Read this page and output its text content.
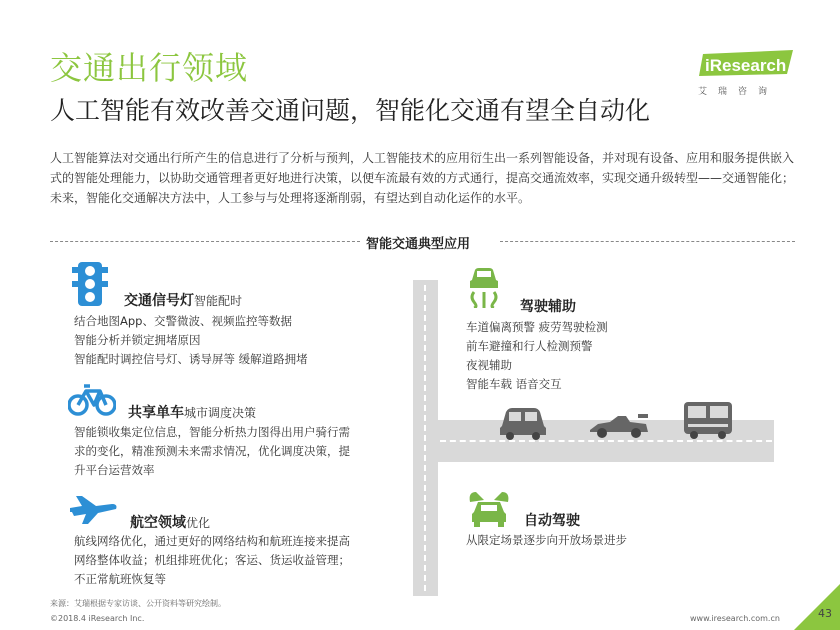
交通出行领域
人工智能有效改善交通问题，智能化交通有望全自动化
iResearch
艾瑞咨询
人工智能算法对交通出行所产生的信息进行了分析与预判，人工智能技术的应用衍生出一系列智能设备，并对现有设备、应用和服务提供嵌入式的智能处理能力，以协助交通管理者更好地进行决策，以便车流最有效的方式通行，提高交通流效率，实现交通升级转型——交通智能化；未来，智能化交通解决方法中，人工参与与处理将逐渐削弱，有望达到自动化运作的水平。
智能交通典型应用
交通信号灯智能配时
结合地图App、交警微波、视频监控等数据
智能分析并锁定拥堵原因
智能配时调控信号灯、诱导屏等 缓解道路拥堵
共享单车城市调度决策
智能锁收集定位信息，智能分析热力图得出用户骑行需
求的变化，精准预测未来需求情况，优化调度决策，提
升平台运营效率
航空领域优化
航线网络优化，通过更好的网络结构和航班连接来提高
网络整体收益；机组排班优化；客运、货运收益管理；
不正常航班恢复等
驾驶辅助
车道偏离预警 疲劳驾驶检测
前车避撞和行人检测预警
夜视辅助
智能车载 语音交互
自动驾驶
从限定场景逐步向开放场景进步
来源：艾瑞根据专家访谈、公开资料等研究绘制。
©2018.4 iResearch Inc.	www.iresearch.com.cn	43
